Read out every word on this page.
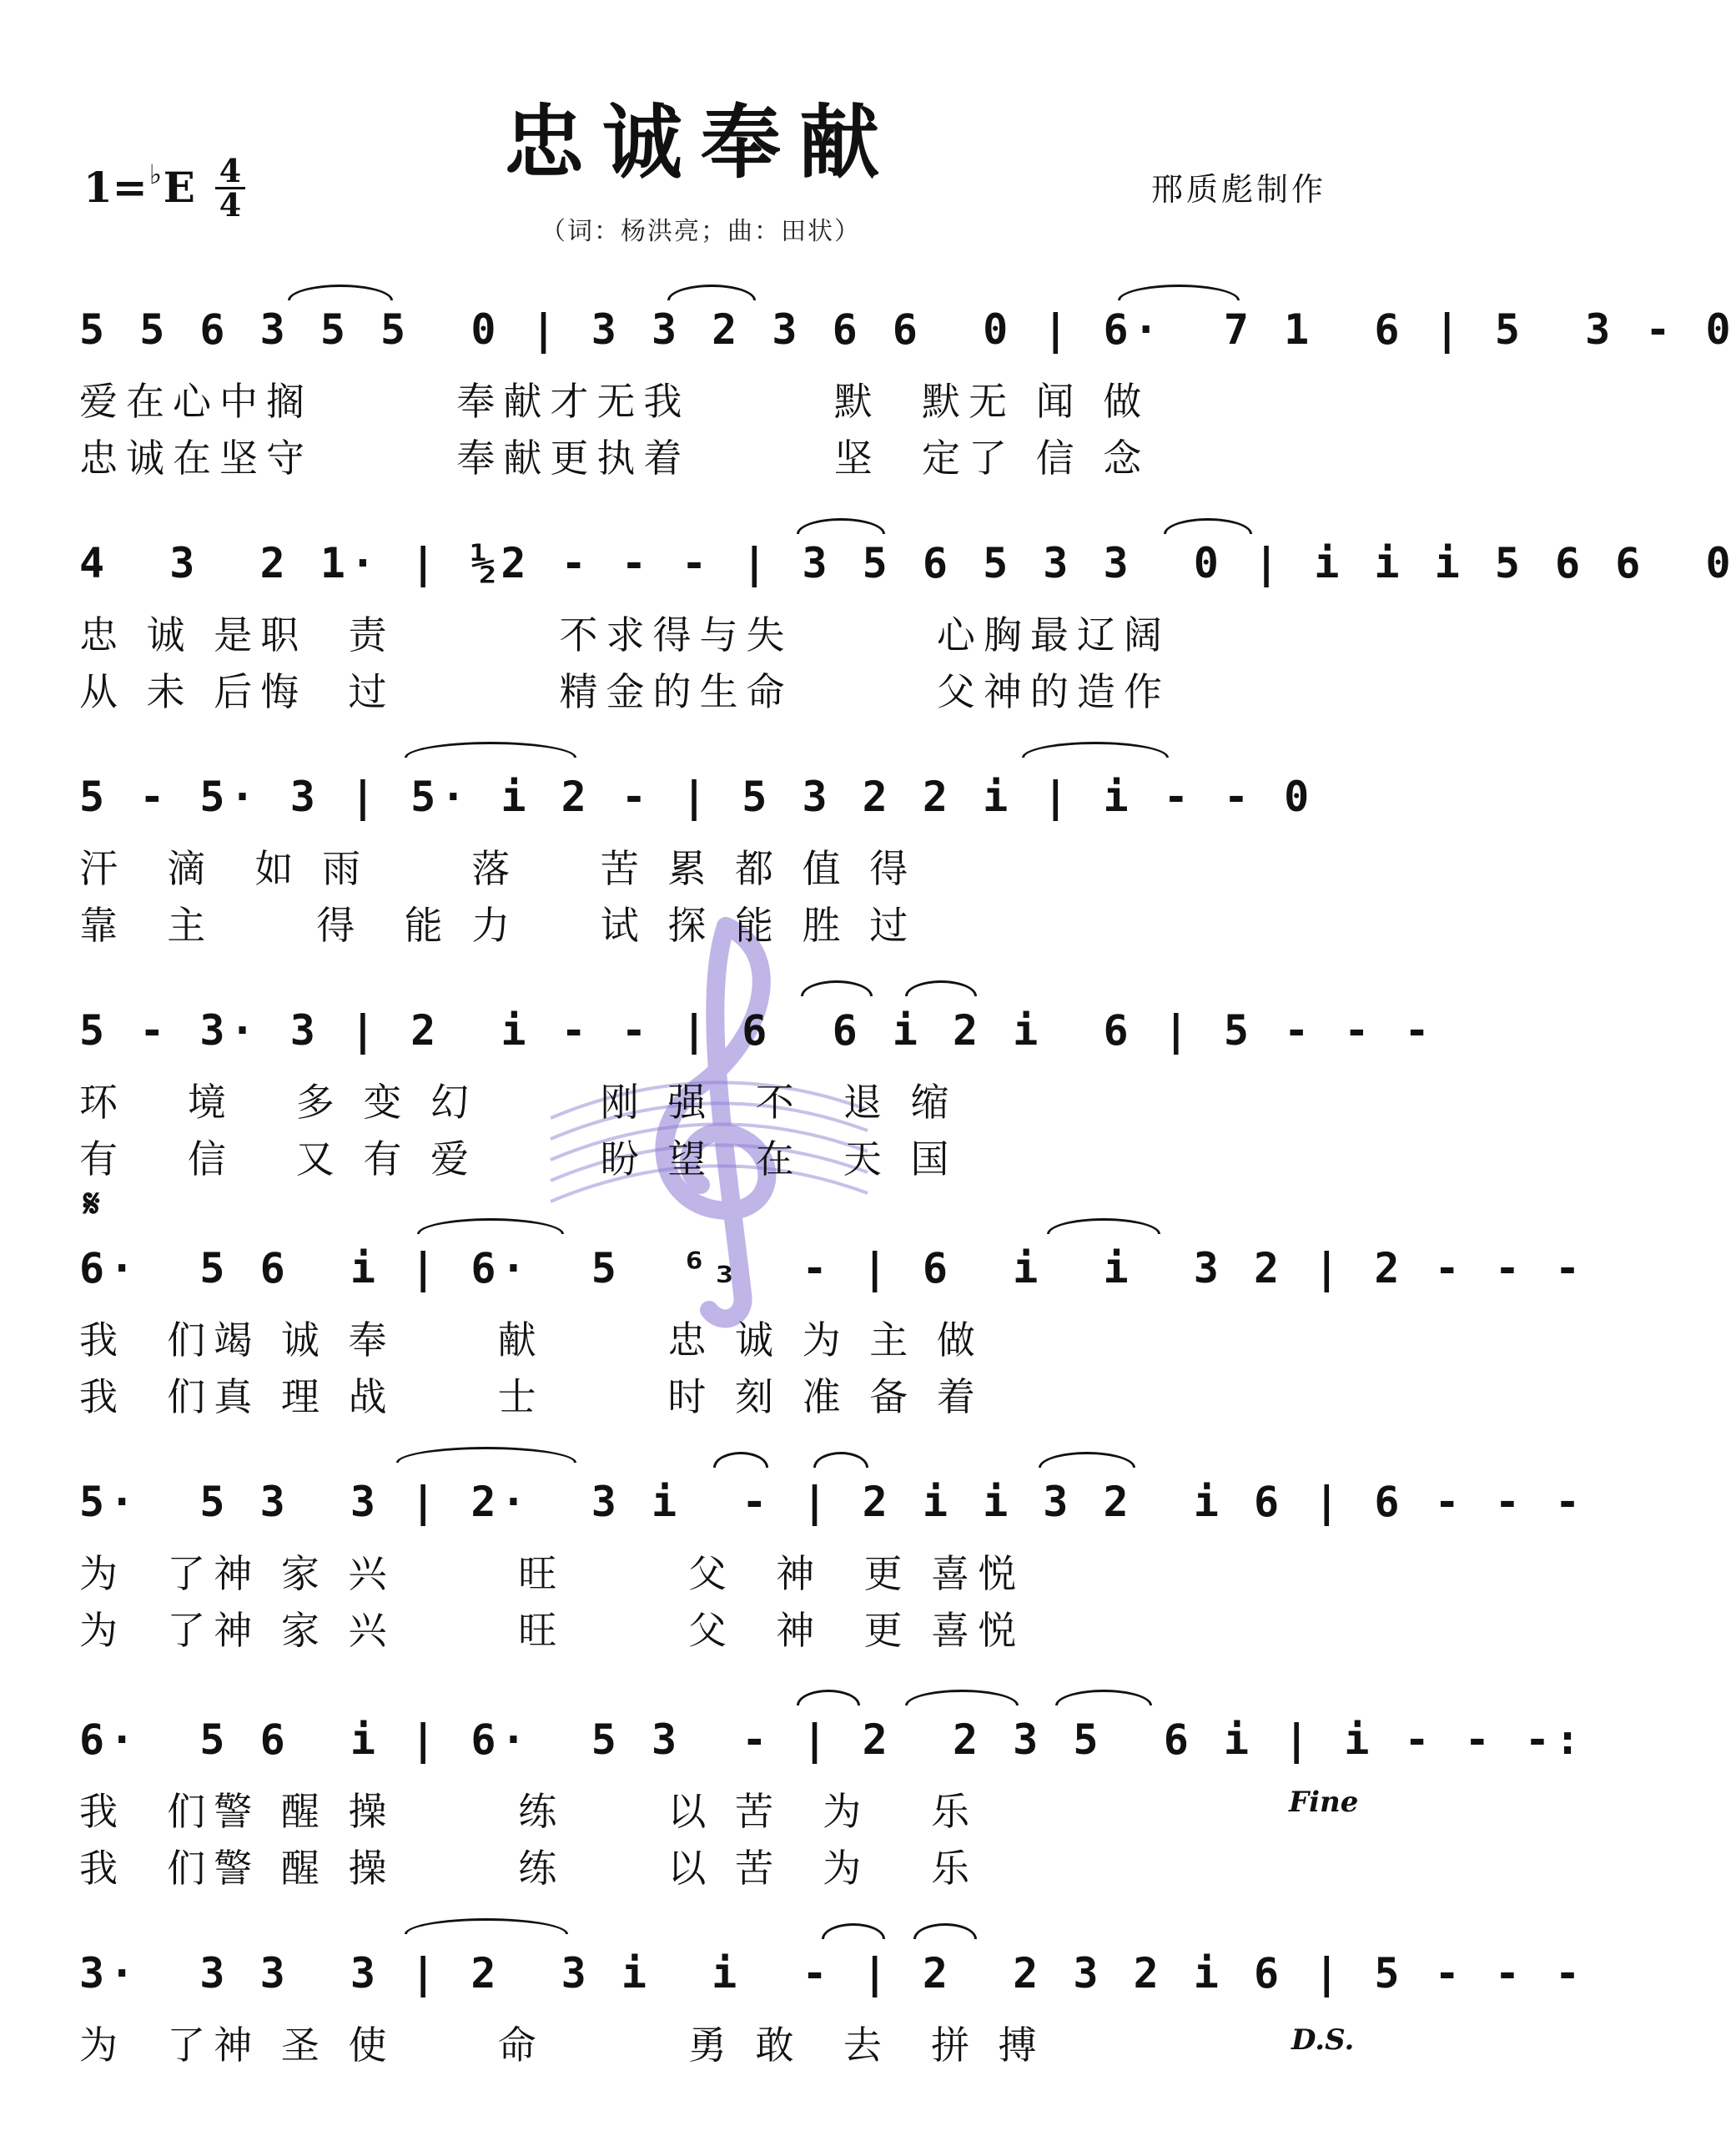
忠诚奉献
1=♭E 4
4	邢质彪制作
（词：杨洪亮；曲：田状）
5 5 6 3 5 5  0 | 3 3 2 3 6 6  0 | 6·  7 1  6 | 5  3 - 0
爱在心中搁       奉献才无我       默  默无 闻 做
忠诚在坚守       奉献更执着       坚  定了 信 念
4  3  2 1· | ½2 - - - | 3 5 6 5 3 3  0 | i i i 5 6 6  0
忠 诚 是职  责        不求得与失       心胸最辽阔
从 未 后悔  过        精金的生命       父神的造作
5 - 5· 3 | 5· i 2 - | 5 3 2 2 i | i - - 0
汗  滴  如 雨     落    苦 累 都 值 得
靠  主     得  能 力    试 探 能 胜 过
5 - 3· 3 | 2  i - - | 6  6 i 2 i  6 | 5 - - -
环   境   多 变 幻      刚 强  不  退 缩
有   信   又 有 爱      盼 望  在  天 国
𝄋
6·  5 6  i | 6·  5  ⁶₃  - | 6  i  i  3 2 | 2 - - -
我  们竭 诚 奉     献      忠 诚 为 主 做
我  们真 理 战     士      时 刻 准 备 着
5·  5 3  3 | 2·  3 i  - | 2 i i 3 2  i 6 | 6 - - -
为  了神 家 兴      旺      父  神  更 喜悦
为  了神 家 兴      旺      父  神  更 喜悦
6·  5 6  i | 6·  5 3  - | 2  2 3 5  6 i | i - - -:
我  们警 醒 操      练     以 苦  为   乐
我  们警 醒 操      练     以 苦  为   乐
Fine
3·  3 3  3 | 2  3 i  i  - | 2  2 3 2 i 6 | 5 - - -
为  了神 圣 使     命       勇 敢  去  拼 搏	D.S.
